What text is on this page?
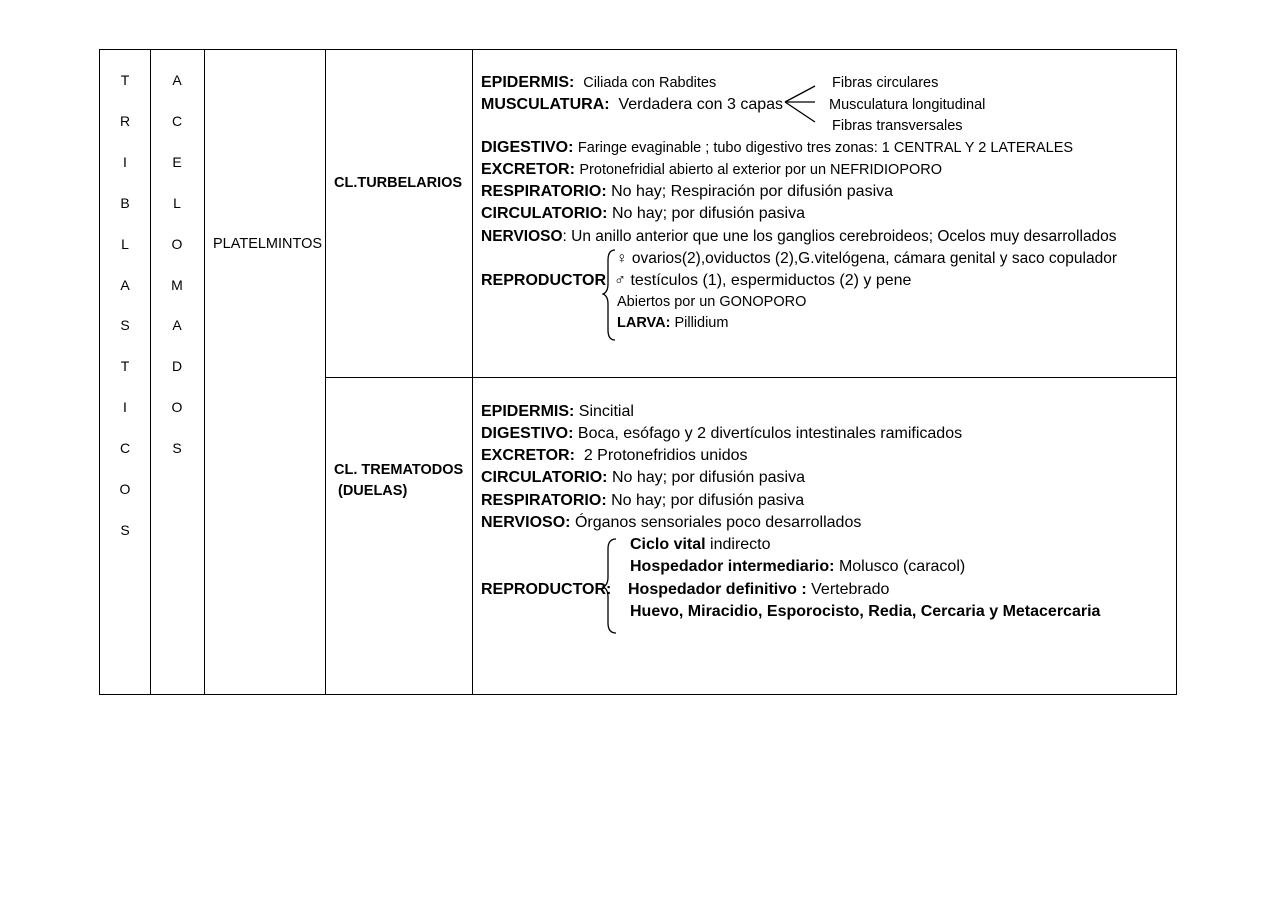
T
R
I
B
L
A
S
T
I
C
O
S
A
C
E
L
O
M
A
D
O
S
PLATELMINTOS
CL.TURBELARIOS
EPIDERMIS: Ciliada con Rabdites
MUSCULATURA: Verdadera con 3 capas
Fibras circulares
Musculatura longitudinal
Fibras transversales
DIGESTIVO: Faringe evaginable ; tubo digestivo tres zonas: 1 CENTRAL Y 2 LATERALES
EXCRETOR: Protonefridial abierto al exterior por un NEFRIDIOPORO
RESPIRATORIO: No hay; Respiración por difusión pasiva
CIRCULATORIO: No hay; por difusión pasiva
NERVIOSO: Un anillo anterior que une los ganglios cerebroideos; Ocelos muy desarrollados
REPRODUCTOR
♀ ovarios(2),oviductos (2),G.vitelógena, cámara genital y saco copulador
♂ testículos (1), espermiductos (2) y pene
Abiertos por un GONOPORO
LARVA: Pillidium
CL. TREMATODOS
(DUELAS)
EPIDERMIS: Sincitial
DIGESTIVO: Boca, esófago y 2 divertículos intestinales ramificados
EXCRETOR: 2 Protonefridios unidos
CIRCULATORIO: No hay; por difusión pasiva
RESPIRATORIO: No hay; por difusión pasiva
NERVIOSO: Órganos sensoriales poco desarrollados
REPRODUCTOR:
Ciclo vital indirecto
Hospedador intermediario: Molusco (caracol)
Hospedador definitivo : Vertebrado
Huevo, Miracidio, Esporocisto, Redia, Cercaria y Metacercaria
